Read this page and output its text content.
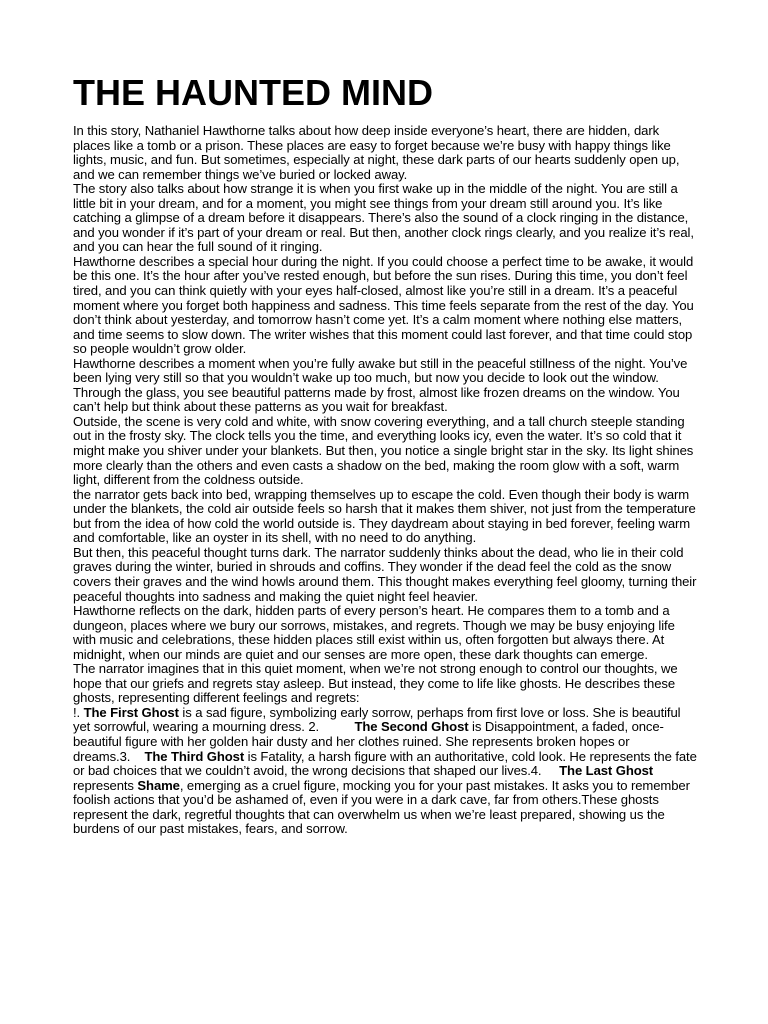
THE HAUNTED MIND

In this story, Nathaniel Hawthorne talks about how deep inside everyone’s heart, there are hidden, dark places like a tomb or a prison. These places are easy to forget because we’re busy with happy things like lights, music, and fun. But sometimes, especially at night, these dark parts of our hearts suddenly open up, and we can remember things we’ve buried or locked away.

The story also talks about how strange it is when you first wake up in the middle of the night. You are still a little bit in your dream, and for a moment, you might see things from your dream still around you. It’s like catching a glimpse of a dream before it disappears. There’s also the sound of a clock ringing in the distance, and you wonder if it’s part of your dream or real. But then, another clock rings clearly, and you realize it’s real, and you can hear the full sound of it ringing.

Hawthorne describes a special hour during the night. If you could choose a perfect time to be awake, it would be this one. It’s the hour after you’ve rested enough, but before the sun rises. During this time, you don’t feel tired, and you can think quietly with your eyes half-closed, almost like you’re still in a dream. It’s a peaceful moment where you forget both happiness and sadness. This time feels separate from the rest of the day. You don’t think about yesterday, and tomorrow hasn’t come yet. It’s a calm moment where nothing else matters, and time seems to slow down. The writer wishes that this moment could last forever, and that time could stop so people wouldn’t grow older.

Hawthorne describes a moment when you’re fully awake but still in the peaceful stillness of the night. You’ve been lying very still so that you wouldn’t wake up too much, but now you decide to look out the window. Through the glass, you see beautiful patterns made by frost, almost like frozen dreams on the window. You can’t help but think about these patterns as you wait for breakfast.

Outside, the scene is very cold and white, with snow covering everything, and a tall church steeple standing out in the frosty sky. The clock tells you the time, and everything looks icy, even the water. It’s so cold that it might make you shiver under your blankets. But then, you notice a single bright star in the sky. Its light shines more clearly than the others and even casts a shadow on the bed, making the room glow with a soft, warm light, different from the coldness outside.

the narrator gets back into bed, wrapping themselves up to escape the cold. Even though their body is warm under the blankets, the cold air outside feels so harsh that it makes them shiver, not just from the temperature but from the idea of how cold the world outside is. They daydream about staying in bed forever, feeling warm and comfortable, like an oyster in its shell, with no need to do anything.

But then, this peaceful thought turns dark. The narrator suddenly thinks about the dead, who lie in their cold graves during the winter, buried in shrouds and coffins. They wonder if the dead feel the cold as the snow covers their graves and the wind howls around them. This thought makes everything feel gloomy, turning their peaceful thoughts into sadness and making the quiet night feel heavier.

Hawthorne reflects on the dark, hidden parts of every person’s heart. He compares them to a tomb and a dungeon, places where we bury our sorrows, mistakes, and regrets. Though we may be busy enjoying life with music and celebrations, these hidden places still exist within us, often forgotten but always there. At midnight, when our minds are quiet and our senses are more open, these dark thoughts can emerge.

The narrator imagines that in this quiet moment, when we’re not strong enough to control our thoughts, we hope that our griefs and regrets stay asleep. But instead, they come to life like ghosts. He describes these ghosts, representing different feelings and regrets:

!. The First Ghost is a sad figure, symbolizing early sorrow, perhaps from first love or loss. She is beautiful yet sorrowful, wearing a mourning dress. 2.          The Second Ghost is Disappointment, a faded, once-beautiful figure with her golden hair dusty and her clothes ruined. She represents broken hopes or dreams.3.    The Third Ghost is Fatality, a harsh figure with an authoritative, cold look. He represents the fate or bad choices that we couldn’t avoid, the wrong decisions that shaped our lives.4.     The Last Ghost represents Shame, emerging as a cruel figure, mocking you for your past mistakes. It asks you to remember foolish actions that you’d be ashamed of, even if you were in a dark cave, far from others.These ghosts represent the dark, regretful thoughts that can overwhelm us when we’re least prepared, showing us the burdens of our past mistakes, fears, and sorrow.
